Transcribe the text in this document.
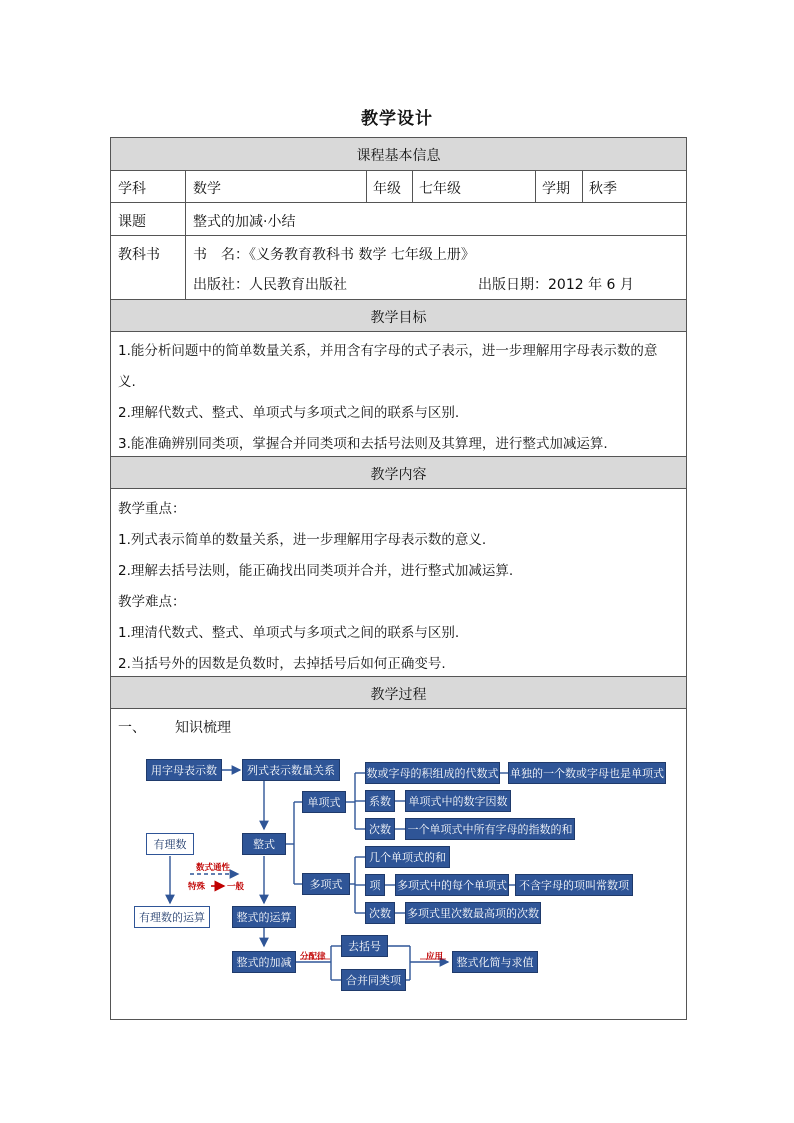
教学设计
课程基本信息
教学目标
教学内容
教学过程
学科	数学	年级 七年级	学期 秋季
课题	整式的加减·小结
教科书 书　名：《义务教育教科书 数学 七年级上册》
出版社：人民教育出版社	出版日期：2012 年 6 月
1.能分析问题中的简单数量关系，并用含有字母的式子表示，进一步理解用字母表示数的意
义.
2.理解代数式、整式、单项式与多项式之间的联系与区别.
3.能准确辨别同类项，掌握合并同类项和去括号法则及其算理，进行整式加减运算.
教学重点：
1.列式表示简单的数量关系，进一步理解用字母表示数的意义.
2.理解去括号法则，能正确找出同类项并合并，进行整式加减运算.
教学难点：
1.理清代数式、整式、单项式与多项式之间的联系与区别.
2.当括号外的因数是负数时，去掉括号后如何正确变号.
一、 知识梳理
用字母表示数	列式表示数量关系
整式
单项式
多项式
数或字母的积组成的代数式 单独的一个数或字母也是单项式
系数	单项式中的数字因数
次数	一个单项式中所有字母的指数的和
几个单项式的和
项	多项式中的每个单项式	不含字母的项叫常数项
次数	多项式里次数最高项的次数
有理数
有理数的运算	整式的运算
整式的加减
去括号
合并同类项
整式化简与求值
数式通性
特殊	一般
分配律	应用
